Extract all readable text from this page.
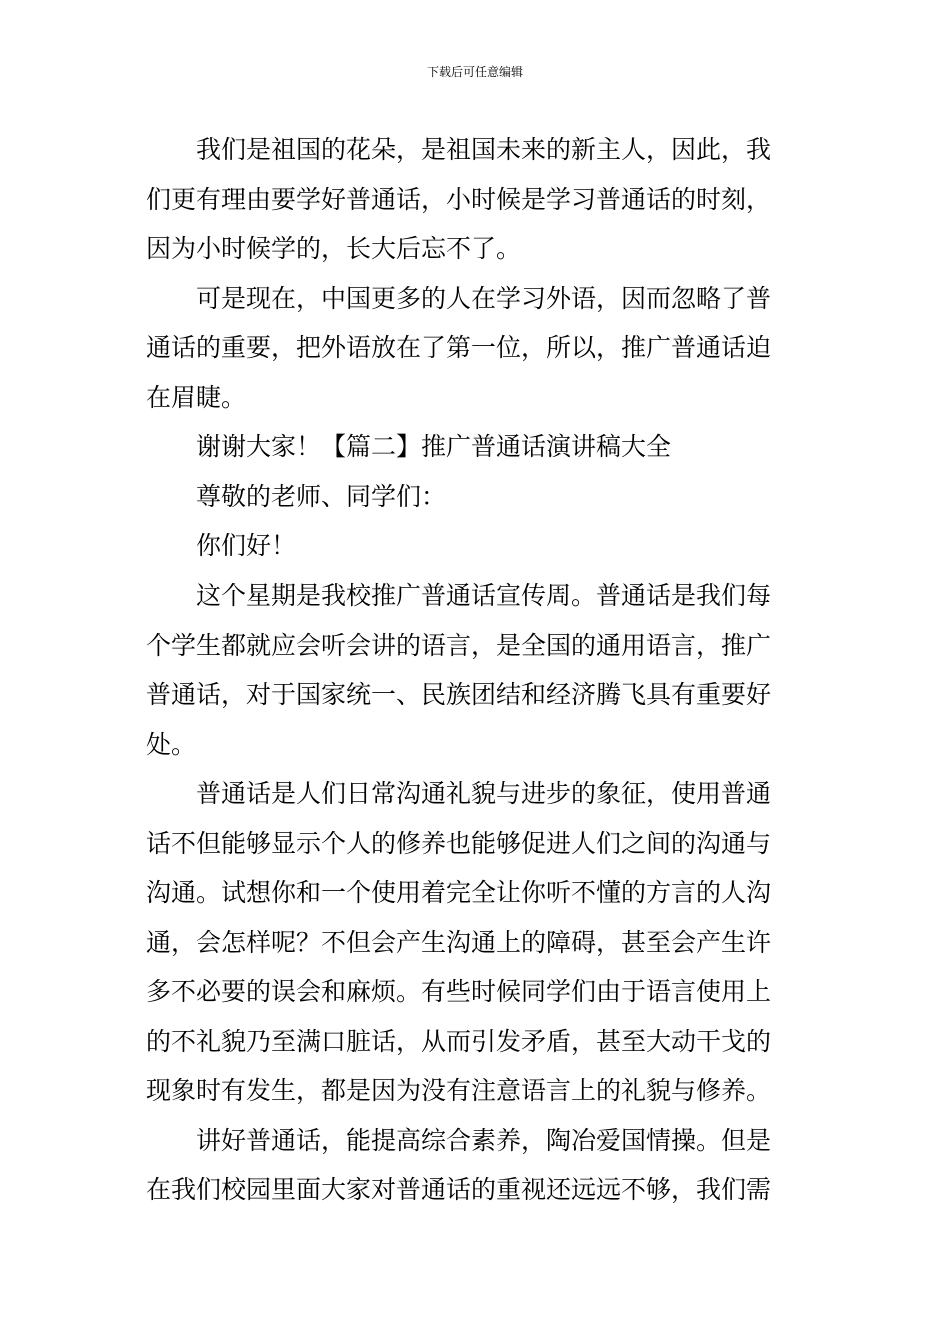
下载后可任意编辑
我们是祖国的花朵，是祖国未来的新主人，因此，我
们更有理由要学好普通话，小时候是学习普通话的时刻，
因为小时候学的，长大后忘不了。
可是现在，中国更多的人在学习外语，因而忽略了普
通话的重要，把外语放在了第一位，所以，推广普通话迫
在眉睫。
谢谢大家！【篇二】推广普通话演讲稿大全
尊敬的老师、同学们：
你们好！
这个星期是我校推广普通话宣传周。普通话是我们每
个学生都就应会听会讲的语言，是全国的通用语言，推广
普通话，对于国家统一、民族团结和经济腾飞具有重要好
处。
普通话是人们日常沟通礼貌与进步的象征，使用普通
话不但能够显示个人的修养也能够促进人们之间的沟通与
沟通。试想你和一个使用着完全让你听不懂的方言的人沟
通，会怎样呢？不但会产生沟通上的障碍，甚至会产生许
多不必要的误会和麻烦。有些时候同学们由于语言使用上
的不礼貌乃至满口脏话，从而引发矛盾，甚至大动干戈的
现象时有发生，都是因为没有注意语言上的礼貌与修养。
讲好普通话，能提高综合素养，陶冶爱国情操。但是
在我们校园里面大家对普通话的重视还远远不够，我们需
